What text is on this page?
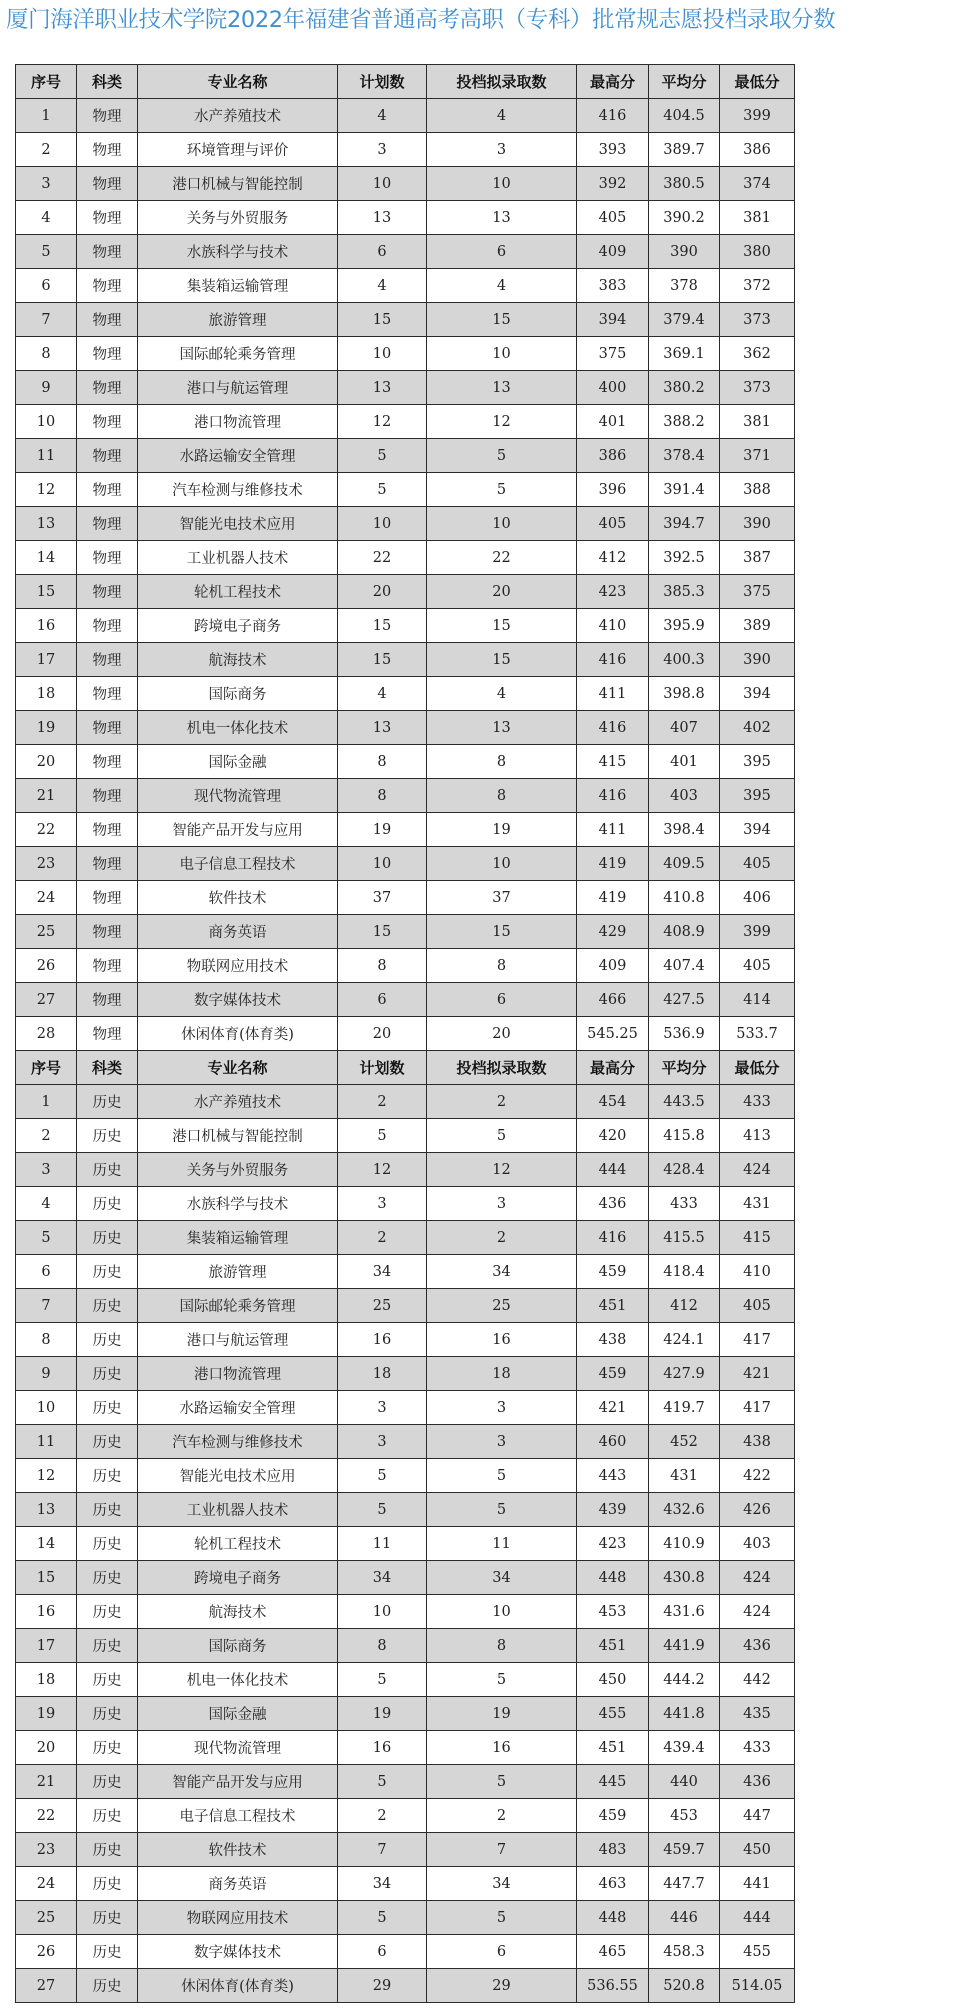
厦门海洋职业技术学院2022年福建省普通高考高职（专科）批常规志愿投档录取分数
序号	科类	专业名称	计划数	投档拟录取数	最高分	平均分	最低分
1	物理	水产养殖技术	4	4	416	404.5	399
2	物理	环境管理与评价	3	3	393	389.7	386
3	物理	港口机械与智能控制	10	10	392	380.5	374
4	物理	关务与外贸服务	13	13	405	390.2	381
5	物理	水族科学与技术	6	6	409	390	380
6	物理	集装箱运输管理	4	4	383	378	372
7	物理	旅游管理	15	15	394	379.4	373
8	物理	国际邮轮乘务管理	10	10	375	369.1	362
9	物理	港口与航运管理	13	13	400	380.2	373
10	物理	港口物流管理	12	12	401	388.2	381
11	物理	水路运输安全管理	5	5	386	378.4	371
12	物理	汽车检测与维修技术	5	5	396	391.4	388
13	物理	智能光电技术应用	10	10	405	394.7	390
14	物理	工业机器人技术	22	22	412	392.5	387
15	物理	轮机工程技术	20	20	423	385.3	375
16	物理	跨境电子商务	15	15	410	395.9	389
17	物理	航海技术	15	15	416	400.3	390
18	物理	国际商务	4	4	411	398.8	394
19	物理	机电一体化技术	13	13	416	407	402
20	物理	国际金融	8	8	415	401	395
21	物理	现代物流管理	8	8	416	403	395
22	物理	智能产品开发与应用	19	19	411	398.4	394
23	物理	电子信息工程技术	10	10	419	409.5	405
24	物理	软件技术	37	37	419	410.8	406
25	物理	商务英语	15	15	429	408.9	399
26	物理	物联网应用技术	8	8	409	407.4	405
27	物理	数字媒体技术	6	6	466	427.5	414
28	物理	休闲体育(体育类)	20	20	545.25	536.9	533.7
序号	科类	专业名称	计划数	投档拟录取数	最高分	平均分	最低分
1	历史	水产养殖技术	2	2	454	443.5	433
2	历史	港口机械与智能控制	5	5	420	415.8	413
3	历史	关务与外贸服务	12	12	444	428.4	424
4	历史	水族科学与技术	3	3	436	433	431
5	历史	集装箱运输管理	2	2	416	415.5	415
6	历史	旅游管理	34	34	459	418.4	410
7	历史	国际邮轮乘务管理	25	25	451	412	405
8	历史	港口与航运管理	16	16	438	424.1	417
9	历史	港口物流管理	18	18	459	427.9	421
10	历史	水路运输安全管理	3	3	421	419.7	417
11	历史	汽车检测与维修技术	3	3	460	452	438
12	历史	智能光电技术应用	5	5	443	431	422
13	历史	工业机器人技术	5	5	439	432.6	426
14	历史	轮机工程技术	11	11	423	410.9	403
15	历史	跨境电子商务	34	34	448	430.8	424
16	历史	航海技术	10	10	453	431.6	424
17	历史	国际商务	8	8	451	441.9	436
18	历史	机电一体化技术	5	5	450	444.2	442
19	历史	国际金融	19	19	455	441.8	435
20	历史	现代物流管理	16	16	451	439.4	433
21	历史	智能产品开发与应用	5	5	445	440	436
22	历史	电子信息工程技术	2	2	459	453	447
23	历史	软件技术	7	7	483	459.7	450
24	历史	商务英语	34	34	463	447.7	441
25	历史	物联网应用技术	5	5	448	446	444
26	历史	数字媒体技术	6	6	465	458.3	455
27	历史	休闲体育(体育类)	29	29	536.55	520.8	514.05
